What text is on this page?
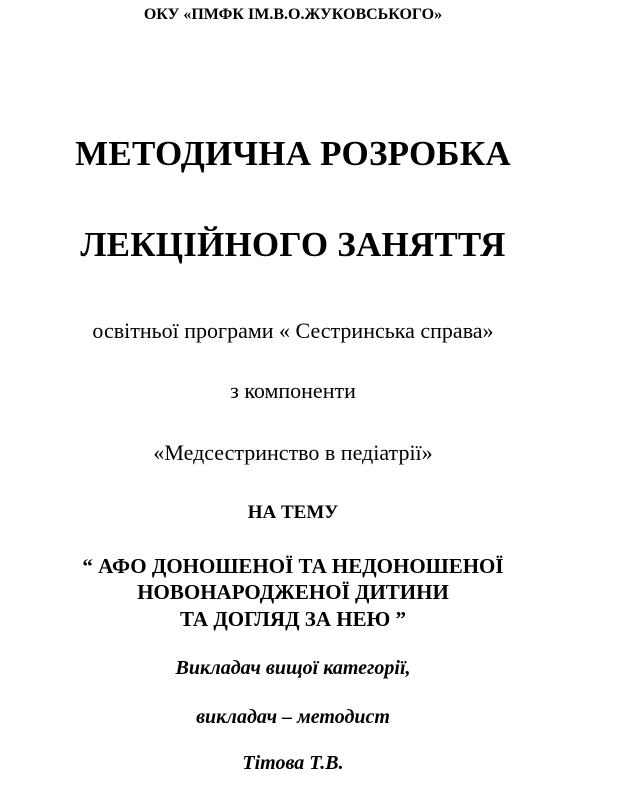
ОКУ «ПМФК ІМ.В.О.ЖУКОВСЬКОГО»
МЕТОДИЧНА РОЗРОБКА
ЛЕКЦІЙНОГО ЗАНЯТТЯ
освітньої програми « Сестринська справа»
з компоненти
«Медсестринство в педіатрії»
НА ТЕМУ
“ АФО ДОНОШЕНОЇ ТА НЕДОНОШЕНОЇ
НОВОНАРОДЖЕНОЇ ДИТИНИ
ТА ДОГЛЯД ЗА НЕЮ ”
Викладач вищої категорії,
викладач – методист
Тітова Т.В.
